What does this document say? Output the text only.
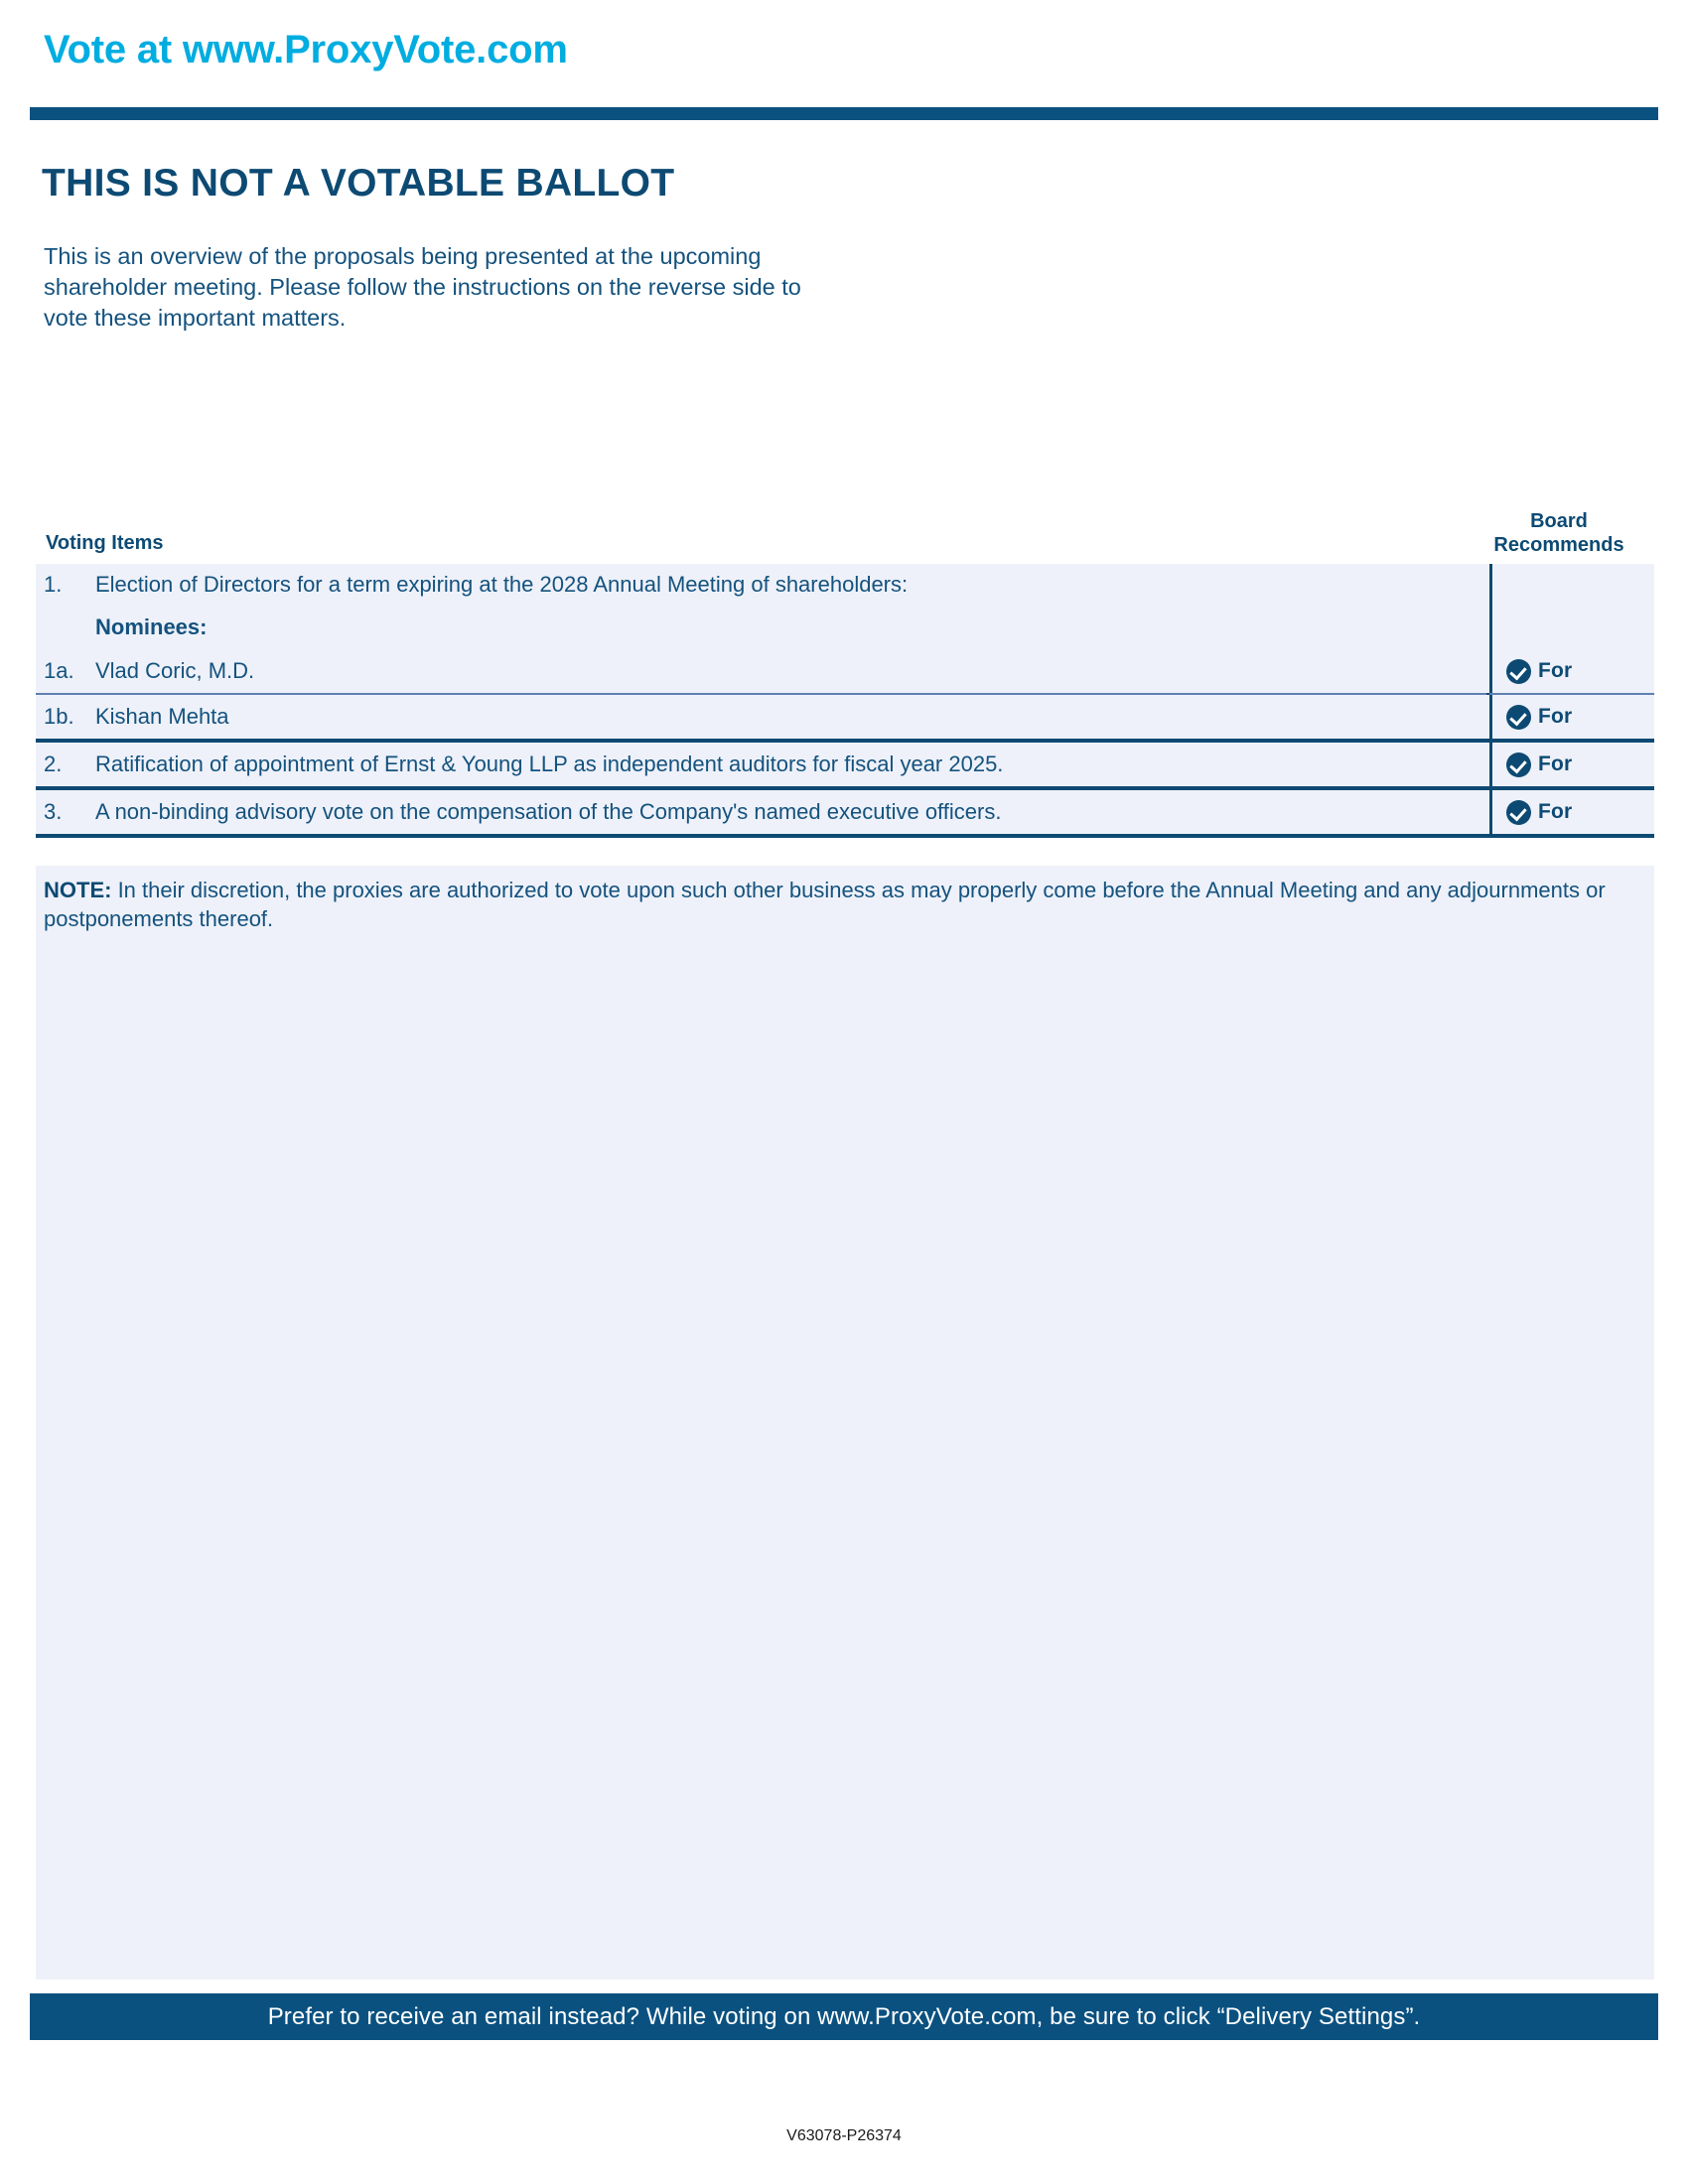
Vote at www.ProxyVote.com
THIS IS NOT A VOTABLE BALLOT
This is an overview of the proposals being presented at the upcoming shareholder meeting. Please follow the instructions on the reverse side to vote these important matters.
Voting Items
Board
Recommends
1.	Election of Directors for a term expiring at the 2028 Annual Meeting of shareholders:
Nominees:
1a. Vlad Coric, M.D.	For
1b. Kishan Mehta	For
2.	Ratification of appointment of Ernst & Young LLP as independent auditors for fiscal year 2025.	For
3.	A non-binding advisory vote on the compensation of the Company's named executive officers.	For
NOTE: In their discretion, the proxies are authorized to vote upon such other business as may properly come before the Annual Meeting and any adjournments or postponements thereof.
Prefer to receive an email instead? While voting on www.ProxyVote.com, be sure to click “Delivery Settings”.
V63078-P26374
